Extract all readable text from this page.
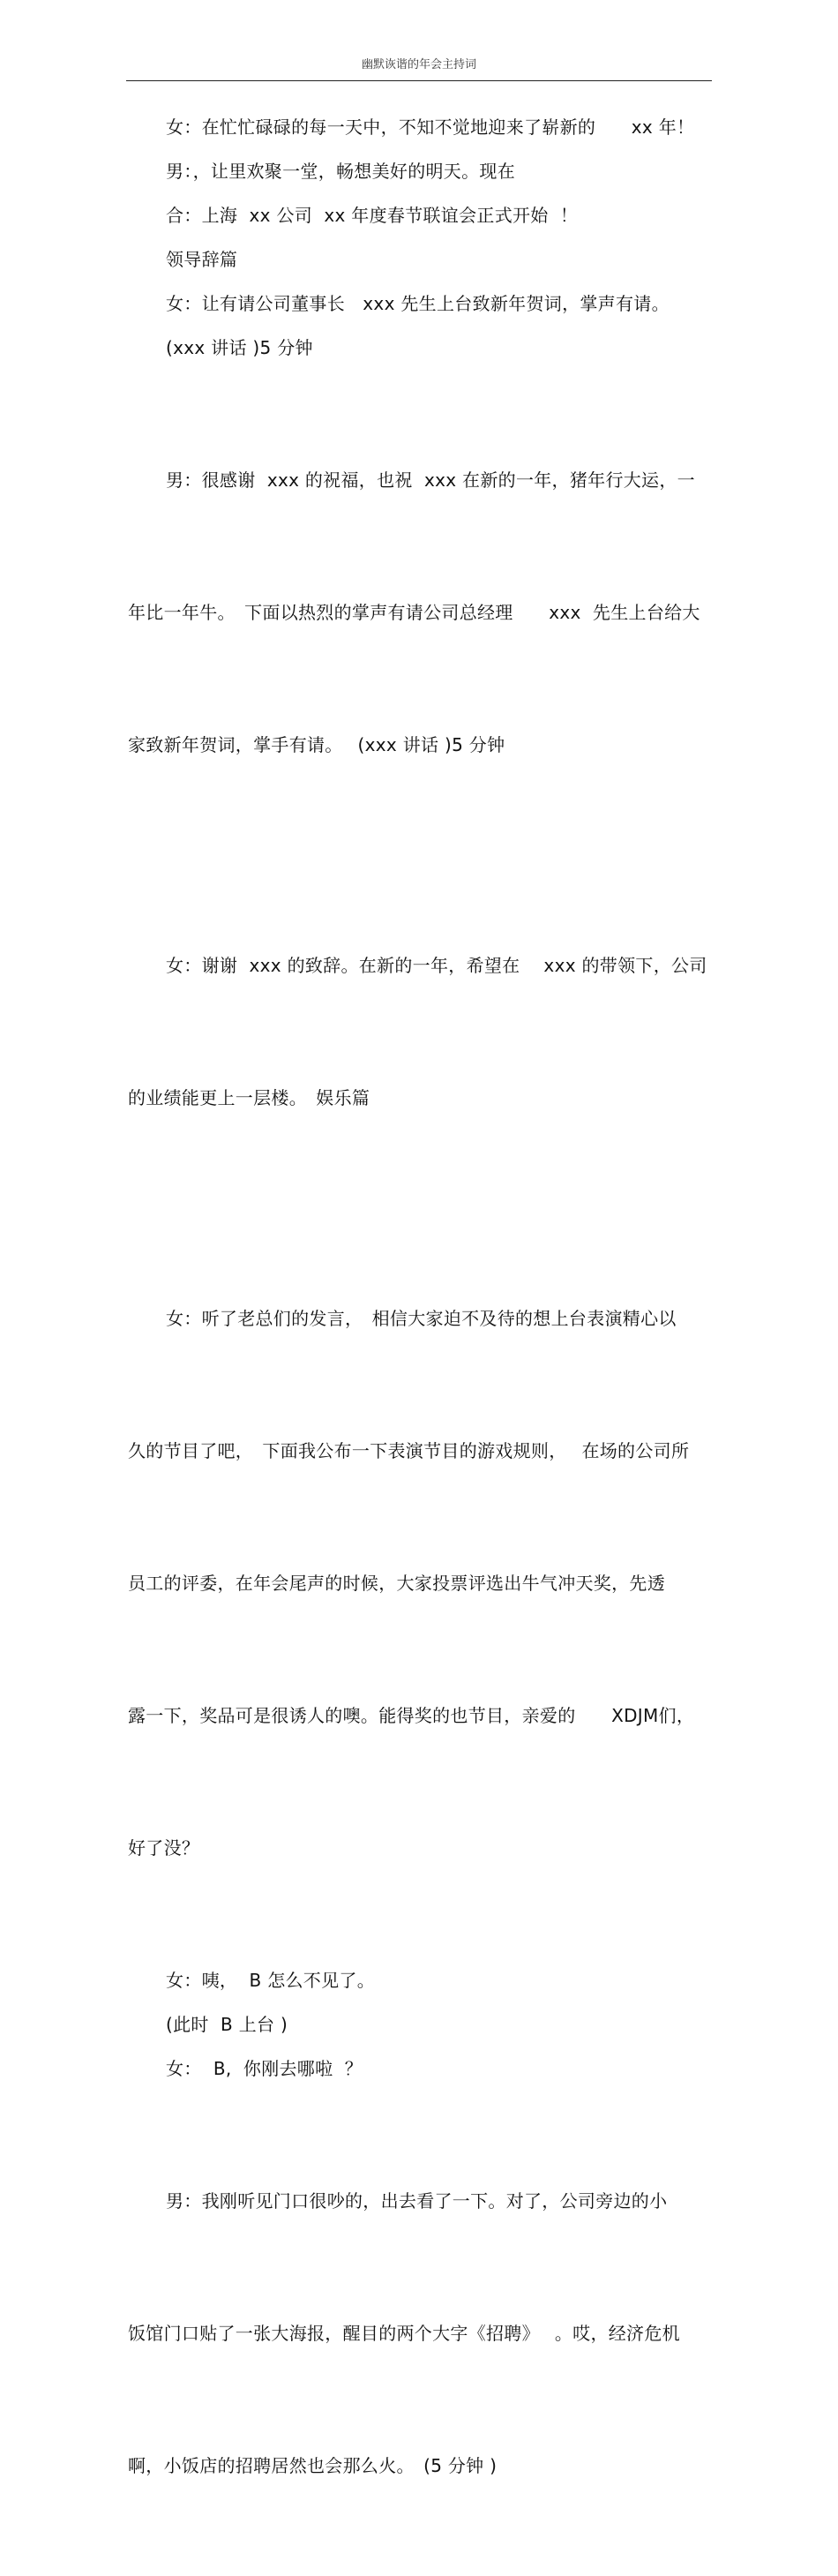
幽默诙谐的年会主持词

女：在忙忙碌碌的每一天中，不知不觉地迎来了崭新的　　xx 年！

男：，让里欢聚一堂，畅想美好的明天。现在

合：上海  xx 公司  xx 年度春节联谊会正式开始  ！

领导辞篇

女：让有请公司董事长　xxx 先生上台致新年贺词，掌声有请。

(xxx 讲话 )5 分钟

男：很感谢  xxx 的祝福，也祝  xxx 在新的一年，猪年行大运，一

年比一年牛。　下面以热烈的掌声有请公司总经理　　xxx  先生上台给大

家致新年贺词，掌手有请。　 (xxx 讲话 )5 分钟

女：谢谢  xxx 的致辞。在新的一年，希望在　 xxx 的带领下，公司

的业绩能更上一层楼。　娱乐篇

女：听了老总们的发言，　相信大家迫不及待的想上台表演精心以

久的节目了吧，　下面我公布一下表演节目的游戏规则，　 在场的公司所

员工的评委，在年会尾声的时候，大家投票评选出牛气冲天奖，先透

露一下，奖品可是很诱人的噢。能得奖的也节目，亲爱的　　XDJM们，

好了没？

女：咦，  B 怎么不见了。

(此时  B 上台 )

女：  B,  你刚去哪啦  ？

男：我刚听见门口很吵的，出去看了一下。对了，公司旁边的小

饭馆门口贴了一张大海报，醒目的两个大字《招聘》　 。哎，经济危机

啊，小饭店的招聘居然也会那么火。　(5 分钟 )
